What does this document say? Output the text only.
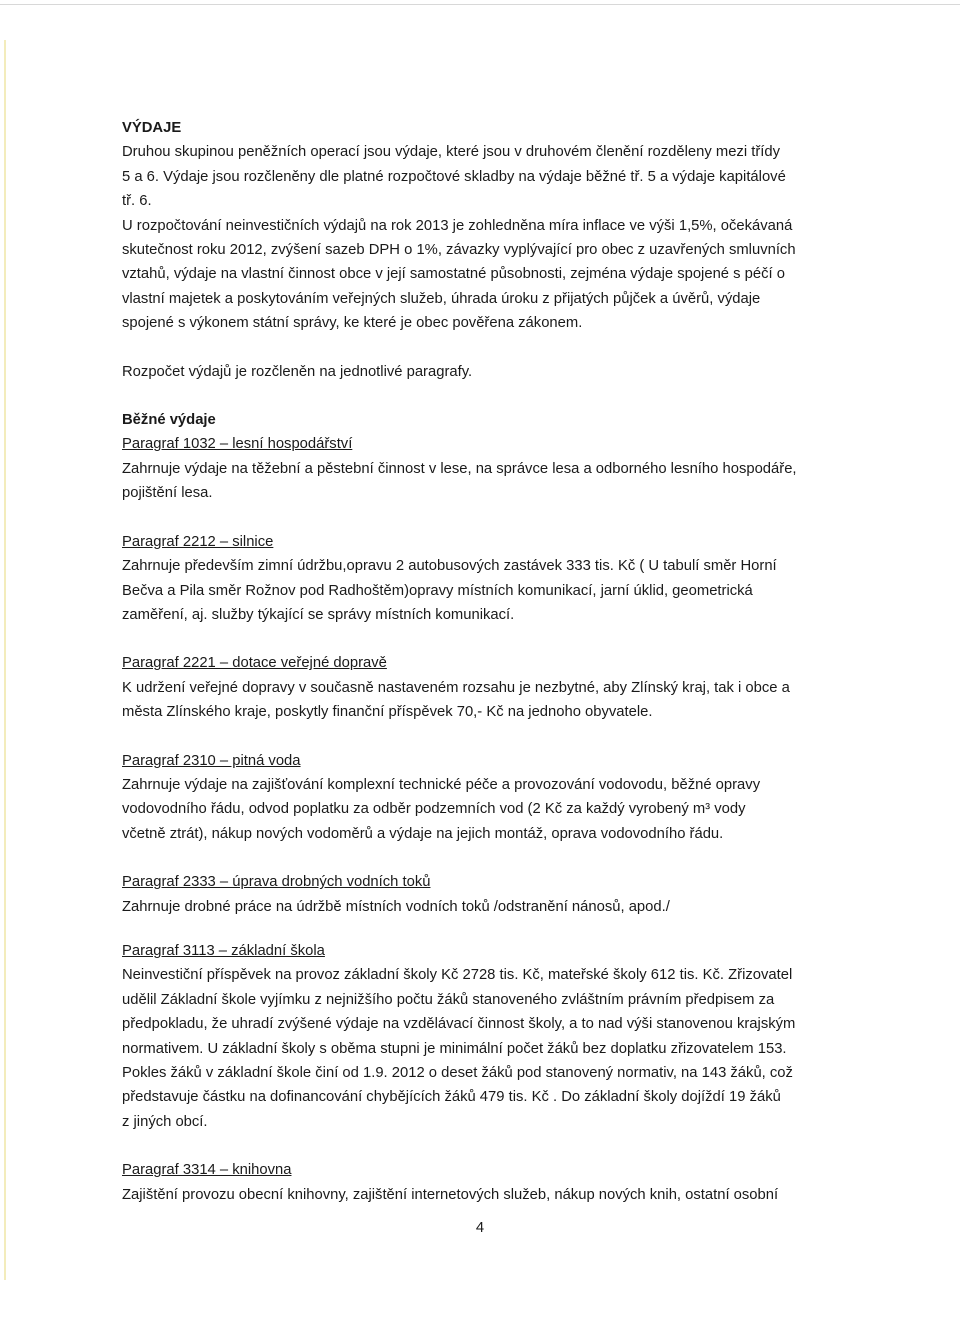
VÝDAJE

Druhou skupinou peněžních operací jsou výdaje, které jsou v druhovém členění rozděleny mezi třídy
5 a 6. Výdaje jsou rozčleněny dle platné rozpočtové skladby na výdaje běžné tř. 5 a výdaje kapitálové
tř. 6.
U rozpočtování neinvestičních výdajů na rok 2013 je zohledněna míra inflace ve výši 1,5%, očekávaná
skutečnost roku 2012, zvýšení sazeb DPH o 1%, závazky vyplývající pro obec z uzavřených smluvních
vztahů, výdaje na vlastní činnost obce v její samostatné působnosti, zejména výdaje spojené s péčí o
vlastní majetek a poskytováním veřejných služeb, úhrada úroku z přijatých půjček a úvěrů, výdaje
spojené s výkonem státní správy, ke které je obec pověřena zákonem.
Rozpočet výdajů je rozčleněn na jednotlivé paragrafy.
Běžné výdaje
Paragraf 1032 – lesní hospodářství
Zahrnuje výdaje na těžební a pěstební činnost v lese, na správce lesa a odborného lesního hospodáře,
pojištění lesa.
Paragraf 2212 – silnice
Zahrnuje především zimní údržbu,opravu 2 autobusových zastávek 333 tis. Kč ( U tabulí směr Horní
Bečva a Pila směr Rožnov pod Radhoštěm)opravy místních komunikací, jarní úklid, geometrická
zaměření, aj. služby týkající se správy místních komunikací.
Paragraf 2221 – dotace veřejné dopravě
K udržení veřejné dopravy v současně nastaveném rozsahu je nezbytné, aby Zlínský kraj, tak i obce a
města Zlínského kraje, poskytly finanční příspěvek 70,- Kč na jednoho obyvatele.
Paragraf 2310 – pitná voda
Zahrnuje výdaje na zajišťování komplexní technické péče a provozování vodovodu, běžné opravy
vodovodního řádu, odvod poplatku za odběr podzemních vod (2 Kč za každý vyrobený m³ vody
včetně ztrát), nákup nových vodoměrů a výdaje na jejich montáž, oprava vodovodního řádu.
Paragraf 2333 – úprava drobných vodních toků
Zahrnuje drobné práce na údržbě místních vodních toků /odstranění nánosů, apod./
Paragraf 3113 – základní škola
Neinvestiční příspěvek na provoz základní školy Kč 2728 tis. Kč, mateřské školy 612 tis. Kč. Zřizovatel
udělil Základní škole vyjímku z nejnižšího počtu žáků stanoveného zvláštním právním předpisem za
předpokladu, že uhradí zvýšené výdaje na vzdělávací činnost školy, a to nad výši stanovenou krajským
normativem. U základní školy s oběma stupni je minimální počet žáků bez doplatku zřizovatelem 153.
Pokles žáků v základní škole činí od 1.9. 2012 o deset žáků pod stanovený normativ, na 143 žáků, což
představuje částku na dofinancování chybějících žáků 479 tis. Kč . Do základní školy dojíždí 19 žáků
z jiných obcí.
Paragraf 3314 – knihovna
Zajištění provozu obecní knihovny, zajištění internetových služeb, nákup nových knih, ostatní osobní
4
